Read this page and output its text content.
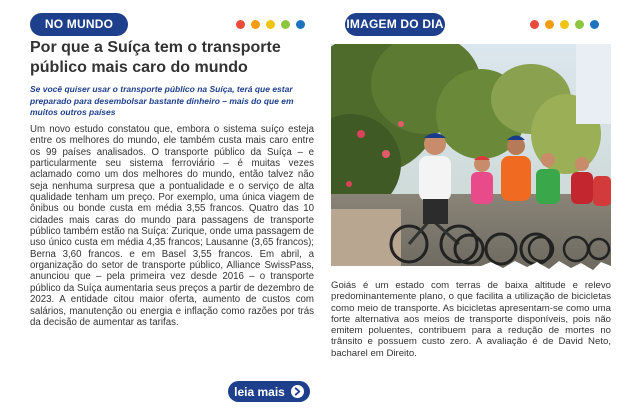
NO MUNDO
Por que a Suíça tem o transporte público mais caro do mundo

Se você quiser usar o transporte público na Suíça, terá que estar preparado para desembolsar bastante dinheiro – mais do que em muitos outros países

Um novo estudo constatou que, embora o sistema suíço esteja entre os melhores do mundo, ele também custa mais caro entre os 99 países analisados. O transporte público da Suíça – e particularmente seu sistema ferroviário – é muitas vezes aclamado como um dos melhores do mundo, então talvez não seja nenhuma surpresa que a pontualidade e o serviço de alta qualidade tenham um preço. Por exemplo, uma única viagem de ônibus ou bonde custa em média 3,55 francos. Quatro das 10 cidades mais caras do mundo para passagens de transporte público também estão na Suíça: Zurique, onde uma passagem de uso único custa em média 4,35 francos; Lausanne (3,65 francos); Berna 3,60 francos. e em Basel 3,55 francos. Em abril, a organização do setor de transporte público, Alliance SwissPass, anunciou que – pela primeira vez desde 2016 – o transporte público da Suíça aumentaria seus preços a partir de dezembro de 2023. A entidade citou maior oferta, aumento de custos com salários, manutenção ou energia e inflação como razões por trás da decisão de aumentar as tarifas.

leia mais
IMAGEM DO DIA

Goiás é um estado com terras de baixa altitude e relevo predominantemente plano, o que facilita a utilização de bicicletas como meio de transporte. As bicicletas apresentam-se como uma forte alternativa aos meios de transporte disponíveis, pois não emitem poluentes, contribuem para a redução de mortes no trânsito e possuem custo zero. A avaliação é de David Neto, bacharel em Direito.
